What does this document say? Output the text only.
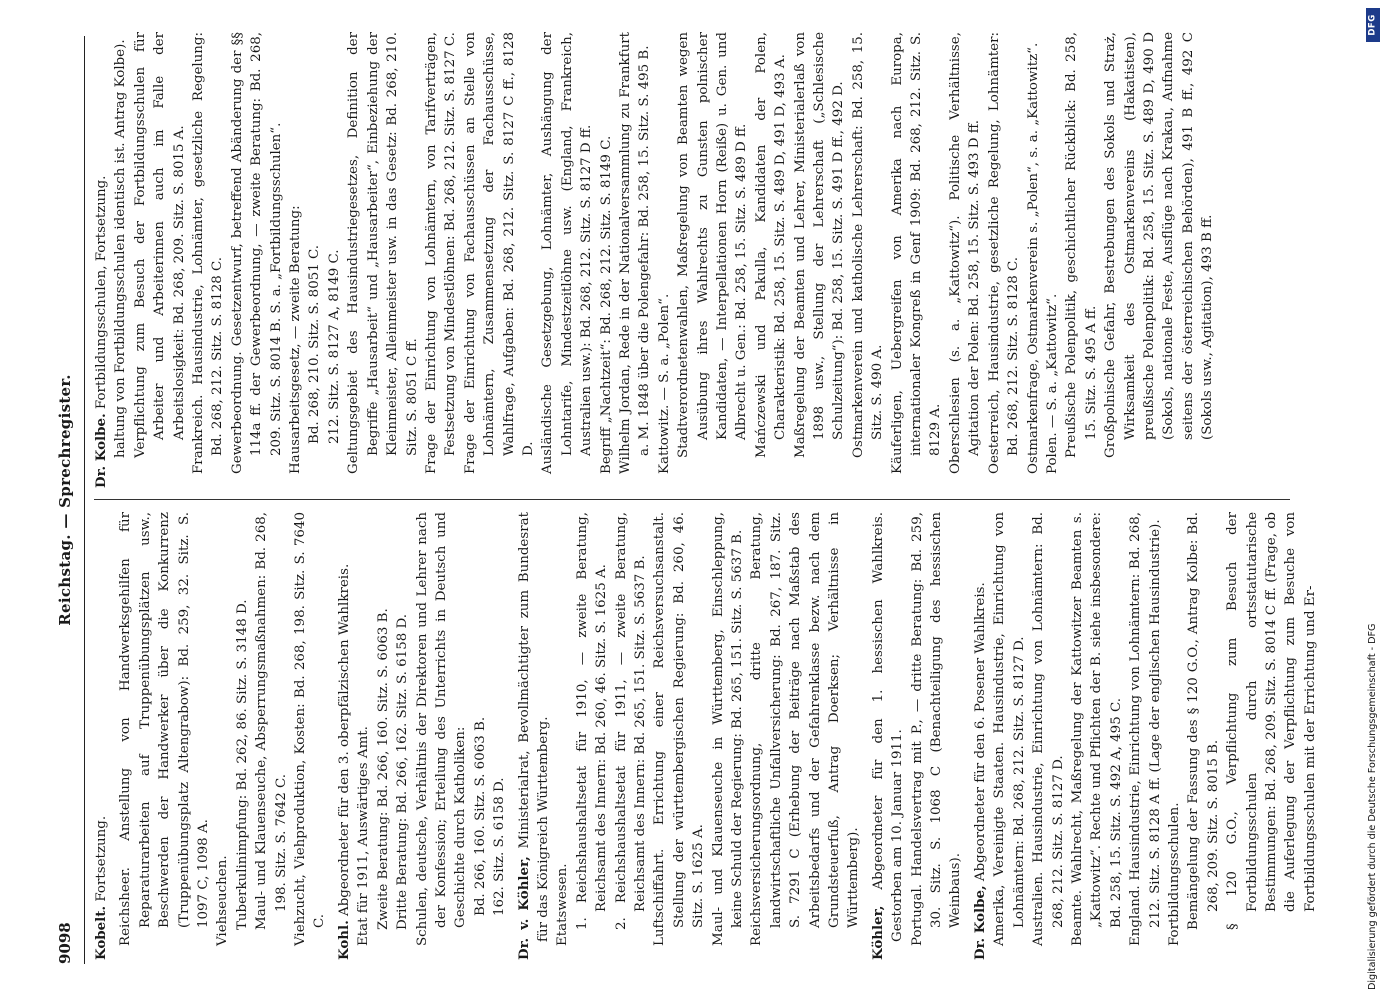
9098
Reichstag. — Sprechregister.

Kobelt. Fortsetzung. Reichsheer. Anstellung von Handwerksgehilfen für Reparaturarbeiten auf Truppenübungsplätzen usw., Beschwerden der Handwerker über die Konkurrenz (Truppenübungsplatz Altengrabow): Bd. 259, 32. Sitz. S. 1097 C, 1098 A. Viehseuchen. Tuberkulinimpfung: Bd. 262, 86. Sitz. S. 3148 D. Maul- und Klauenseuche, Absperrungsmaßnahmen: Bd. 268, 198. Sitz. S. 7642 C. Viehzucht, Viehproduktion, Kosten: Bd. 268, 198. Sitz. S. 7640 C. Kohl. Abgeordneter für den 3. oberpfälzischen Wahlkreis. Etat für 1911, Auswärtiges Amt. Zweite Beratung: Bd. 266, 160. Sitz. S. 6063 B. Dritte Beratung: Bd. 266, 162. Sitz. S. 6158 D. Schulen, deutsche, Verhältnis der Direktoren und Lehrer nach der Konfession; Erteilung des Unterrichts in Deutsch und Geschichte durch Katholiken: Bd. 266, 160. Sitz. S. 6063 B. 162. Sitz. S. 6158 D. Dr. v. Köhler, Ministerialrat, Bevollmächtigter zum Bundesrat für das Königreich Württemberg. Etatswesen. 1. Reichshaushaltsetat für 1910, — zweite Beratung, Reichsamt des Innern: Bd. 260, 46. Sitz. S. 1625 A. 2. Reichshaushaltsetat für 1911, — zweite Beratung, Reichsamt des Innern: Bd. 265, 151. Sitz. S. 5637 B. Luftschiffahrt. Errichtung einer Reichsversuchsanstalt. Stellung der württembergischen Regierung: Bd. 260, 46. Sitz. S. 1625 A. Maul- und Klauenseuche in Württemberg, Einschleppung, keine Schuld der Regierung: Bd. 265, 151. Sitz. S. 5637 B. Reichsversicherungsordnung, dritte Beratung, landwirtschaftliche Unfallversicherung: Bd. 267, 187. Sitz. S. 7291 C (Erhebung der Beiträge nach Maßstab des Arbeitsbedarfs und der Gefahrenklasse bezw. nach dem Grundsteuerfuß, Antrag Doerksen; Verhältnisse in Württemberg).

Köhler, Abgeordneter für den 1. hessischen Wahlkreis. Gestorben am 10. Januar 1911. Portugal. Handelsvertrag mit P., — dritte Beratung: Bd. 259, 30. Sitz. S. 1068 C (Benachteiligung des hessischen Weinbaus). Dr. Kolbe, Abgeordneter für den 6. Posener Wahlkreis. Amerika, Vereinigte Staaten. Hausindustrie, Einrichtung von Lohnämtern: Bd. 268, 212. Sitz. S. 8127 D. Australien. Hausindustrie, Einrichtung von Lohnämtern: Bd. 268, 212. Sitz. S. 8127 D. Beamte. Wahlrecht, Maßregelung der Kattowitzer Beamten s. „Kattowitz“. Rechte und Pflichten der B. siehe insbesondere: Bd. 258, 15. Sitz. S. 492 A, 495 C. England. Hausindustrie, Einrichtung von Lohnämtern: Bd. 268, 212. Sitz. S. 8128 A ff. (Lage der englischen Hausindustrie). Fortbildungsschulen. Bemängelung der Fassung des § 120 G.O., Antrag Kolbe: Bd. 268, 209. Sitz. S. 8015 B. § 120 G.O., Verpflichtung zum Besuch der Fortbildungsschulen durch ortsstatutarische Bestimmungen: Bd. 268, 209. Sitz. S. 8014 C ff. (Frage, ob die Auferlegung der Verpflichtung zum Besuche von Fortbildungsschulen mit der Errichtung und Er-

Dr. Kolbe. Fortbildungsschulen, Fortsetzung. haltung von Fortbildungsschulen identisch ist. Antrag Kolbe). Verpflichtung zum Besuch der Fortbildungsschulen für Arbeiter und Arbeiterinnen auch im Falle der Arbeitslosigkeit: Bd. 268, 209. Sitz. S. 8015 A. Frankreich. Hausindustrie, Lohnämter, gesetzliche Regelung: Bd. 268, 212. Sitz. S. 8128 C. Gewerbeordnung. Gesetzentwurf, betreffend Abänderung der §§ 114a ff. der Gewerbeordnung, — zweite Beratung: Bd. 268, 209. Sitz. S. 8014 B. S. a. „Fortbildungsschulen“. Hausarbeitsgesetz, — zweite Beratung: Bd. 268, 210. Sitz. S. 8051 C. 212. Sitz. S. 8127 A, 8149 C. Geltungsgebiet des Hausindustriegesetzes, Definition der Begriffe „Hausarbeit“ und „Hausarbeiter“, Einbeziehung der Kleinmeister, Alleinmeister usw. in das Gesetz: Bd. 268, 210. Sitz. S. 8051 C ff. Frage der Einrichtung von Lohnämtern, von Tarifverträgen, Festsetzung von Mindestlöhnen: Bd. 268, 212. Sitz. S. 8127 C. Frage der Einrichtung von Fachausschüssen an Stelle von Lohnämtern, Zusammensetzung der Fachausschüsse, Wahlfrage, Aufgaben: Bd. 268, 212. Sitz. S. 8127 C ff., 8128 D. Ausländische Gesetzgebung, Lohnämter, Aushängung der Lohntarife, Mindestzeitlöhne usw. (England, Frankreich, Australien usw.): Bd. 268, 212. Sitz. S. 8127 D ff. Begriff „Nachtzeit“: Bd. 268, 212. Sitz. S. 8149 C. Wilhelm Jordan, Rede in der Nationalversammlung zu Frankfurt a. M. 1848 über die Polengefahr: Bd. 258, 15. Sitz. S. 495 B. Kattowitz. — S. a. „Polen“. Stadtverordnetenwahlen, Maßregelung von Beamten wegen Ausübung ihres Wahlrechts zu Gunsten polnischer Kandidaten, — Interpellationen Horn (Reiße) u. Gen. und Albrecht u. Gen.: Bd. 258, 15. Sitz. S. 489 D ff. Mańczewski und Pakulla, Kandidaten der Polen, Charakteristik: Bd. 258, 15. Sitz. S. 489 D, 491 D, 493 A. Maßregelung der Beamten und Lehrer, Ministerialerlaß von 1898 usw., Stellung der Lehrerschaft („Schlesische Schulzeitung“): Bd. 258, 15. Sitz. S. 491 D ff., 492 D. Ostmarkenverein und katholische Lehrerschaft: Bd. 258, 15. Sitz. S. 490 A. Käuferligen, Uebergreifen von Amerika nach Europa, internationaler Kongreß in Genf 1909: Bd. 268, 212. Sitz. S. 8129 A. Oberschlesien (s. a. „Kattowitz“). Politische Verhältnisse, Agitation der Polen: Bd. 258, 15. Sitz. S. 493 D ff. Oesterreich, Hausindustrie, gesetzliche Regelung, Lohnämter: Bd. 268, 212. Sitz. S. 8128 C. Ostmarkenfrage, Ostmarkenverein s. „Polen“, s. a. „Kattowitz“. Polen. — S. a. „Kattowitz“. Preußische Polenpolitik, geschichtlicher Rückblick: Bd. 258, 15. Sitz. S. 495 A ff. Großpolnische Gefahr, Bestrebungen des Sokols und Straż, Wirksamkeit des Ostmarkenvereins (Hakatisten), preußische Polenpolitik: Bd. 258, 15. Sitz. S. 489 D, 490 D (Sokols, nationale Feste, Ausflüge nach Krakau, Aufnahme seitens der österreichischen Behörden), 491 B ff., 492 C (Sokols usw., Agitation), 493 B ff.

DFG
Digitalisierung gefördert durch die Deutsche Forschungsgemeinschaft - DFG
